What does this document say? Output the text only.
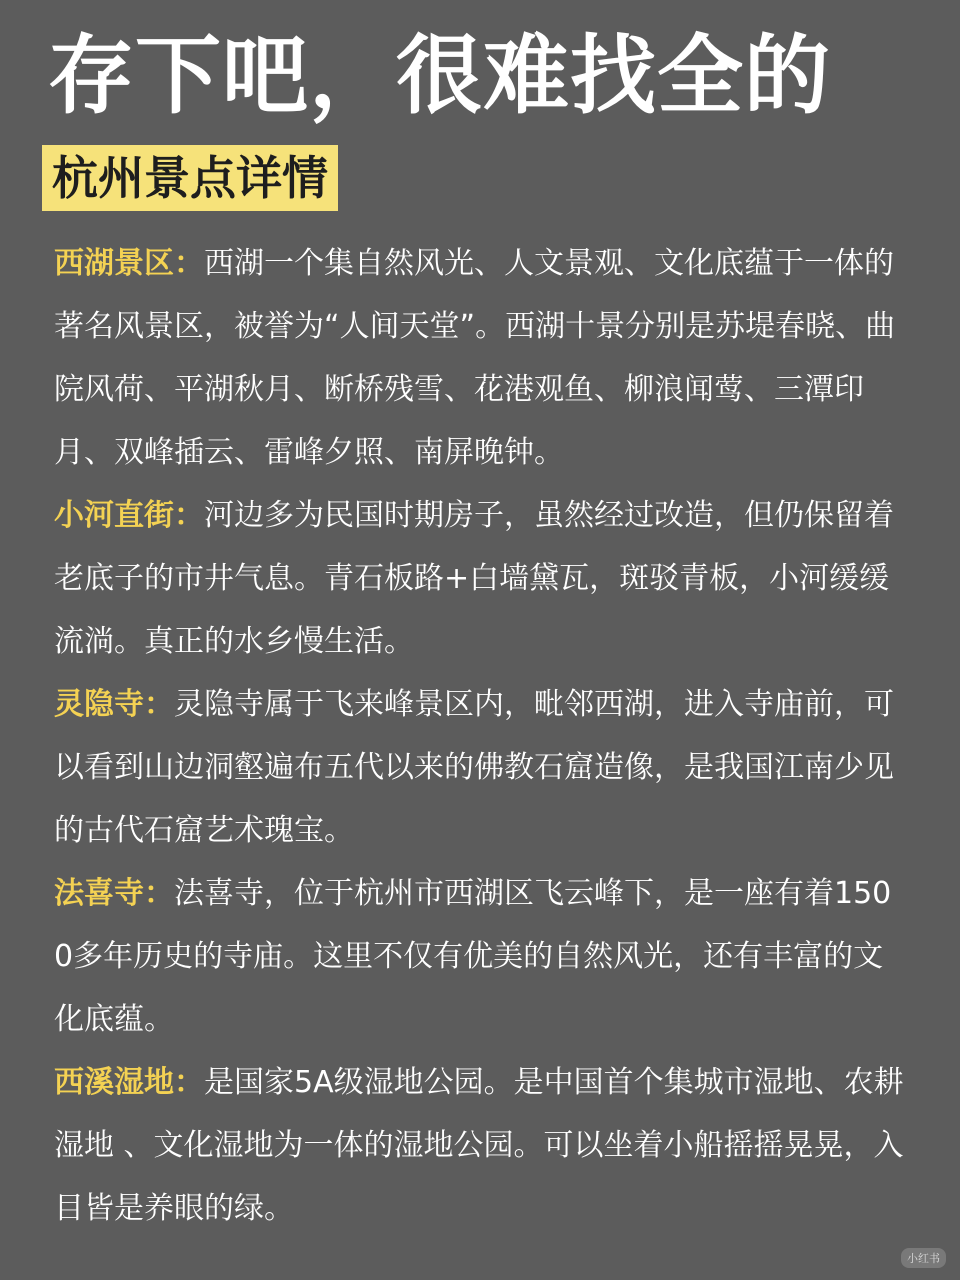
存下吧，很难找全的
杭州景点详情

西湖景区：西湖一个集自然风光、人文景观、文化底蕴于一体的著名风景区，被誉为“人间天堂”。西湖十景分别是苏堤春晓、曲院风荷、平湖秋月、断桥残雪、花港观鱼、柳浪闻莺、三潭印月、双峰插云、雷峰夕照、南屏晚钟。

小河直街：河边多为民国时期房子，虽然经过改造，但仍保留着老底子的市井气息。青石板路+白墙黛瓦，斑驳青板，小河缓缓流淌。真正的水乡慢生活。

灵隐寺：灵隐寺属于飞来峰景区内，毗邻西湖，进入寺庙前，可以看到山边洞壑遍布五代以来的佛教石窟造像，是我国江南少见的古代石窟艺术瑰宝。

法喜寺：法喜寺，位于杭州市西湖区飞云峰下，是一座有着1500多年历史的寺庙。这里不仅有优美的自然风光，还有丰富的文化底蕴。

西溪湿地：是国家5A级湿地公园。是中国首个集城市湿地、农耕湿地 、文化湿地为一体的湿地公园。可以坐着小船摇摇晃晃，入目皆是养眼的绿。

小红书
